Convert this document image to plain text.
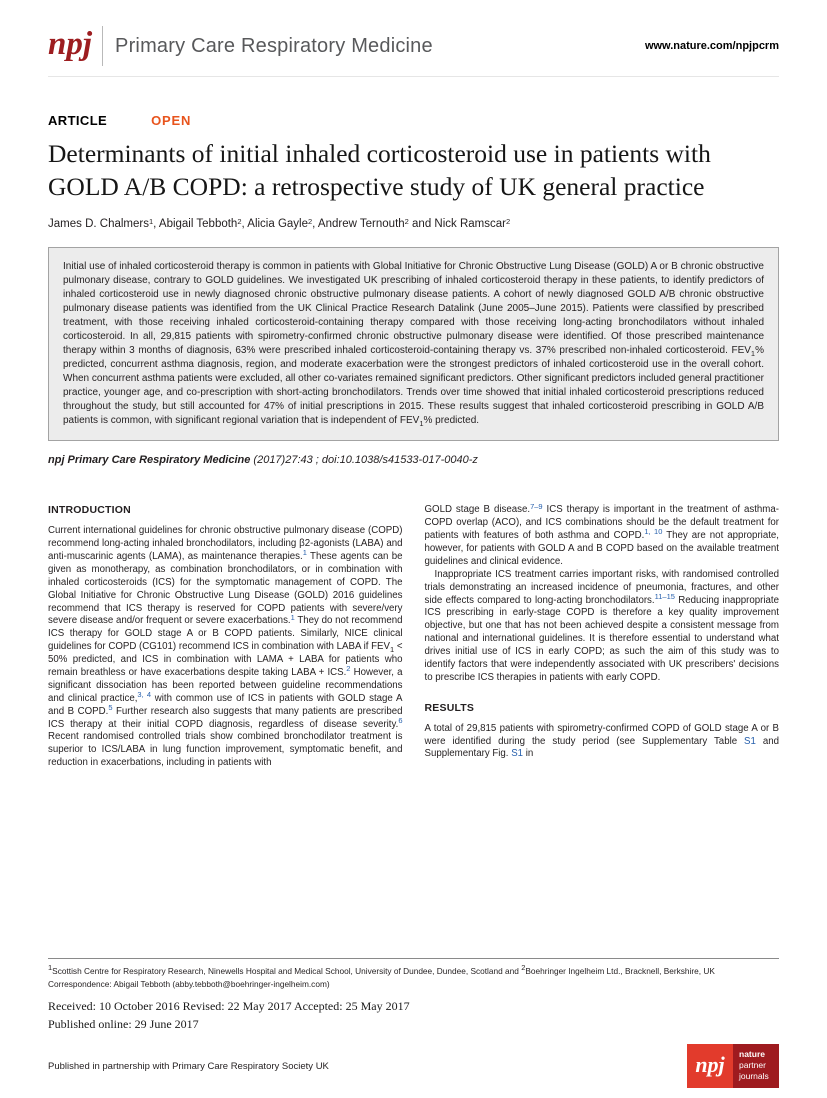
npj Primary Care Respiratory Medicine	www.nature.com/npjpcrm
ARTICLE	OPEN
Determinants of initial inhaled corticosteroid use in patients with GOLD A/B COPD: a retrospective study of UK general practice

James D. Chalmers$^1$, Abigail Tebboth$^2$, Alicia Gayle$^2$, Andrew Ternouth$^2$ and Nick Ramscar$^2$

Initial use of inhaled corticosteroid therapy is common in patients with Global Initiative for Chronic Obstructive Lung Disease (GOLD) A or B chronic obstructive pulmonary disease, contrary to GOLD guidelines. We investigated UK prescribing of inhaled corticosteroid therapy in these patients, to identify predictors of inhaled corticosteroid use in newly diagnosed chronic obstructive pulmonary disease patients. A cohort of newly diagnosed GOLD A/B chronic obstructive pulmonary disease patients was identified from the UK Clinical Practice Research Datalink (June 2005–June 2015). Patients were classified by prescribed treatment, with those receiving inhaled corticosteroid-containing therapy compared with those receiving long-acting bronchodilators without inhaled corticosteroid. In all, 29,815 patients with spirometry-confirmed chronic obstructive pulmonary disease were identified. Of those prescribed maintenance therapy within 3 months of diagnosis, 63% were prescribed inhaled corticosteroid-containing therapy vs. 37% prescribed non-inhaled corticosteroid. $FEV_1\%$ predicted, concurrent asthma diagnosis, region, and moderate exacerbation were the strongest predictors of inhaled corticosteroid use in the overall cohort. When concurrent asthma patients were excluded, all other co-variates remained significant predictors. Other significant predictors included general practitioner practice, younger age, and co-prescription with short-acting bronchodilators. Trends over time showed that initial inhaled corticosteroid prescriptions reduced throughout the study, but still accounted for 47% of initial prescriptions in 2015. These results suggest that inhaled corticosteroid prescribing in GOLD A/B patients is common, with significant regional variation that is independent of $FEV_1\%$ predicted.

npj Primary Care Respiratory Medicine (2017)27:43 ; doi:10.1038/s41533-017-0040-z

INTRODUCTION

Current international guidelines for chronic obstructive pulmonary disease (COPD) recommend long-acting inhaled bronchodilators, including β2-agonists (LABA) and anti-muscarinic agents (LAMA), as maintenance therapies.$^1$ These agents can be given as monotherapy, as combination bronchodilators, or in combination with inhaled corticosteroids (ICS) for the symptomatic management of COPD. The Global Initiative for Chronic Obstructive Lung Disease (GOLD) 2016 guidelines recommend that ICS therapy is reserved for COPD patients with severe/very severe disease and/or frequent or severe exacerbations.$^1$ They do not recommend ICS therapy for GOLD stage A or B COPD patients. Similarly, NICE clinical guidelines for COPD (CG101) recommend ICS in combination with LABA if $FEV_1 < 50\%$ predicted, and ICS in combination with LAMA + LABA for patients who remain breathless or have exacerbations despite taking LABA + ICS.$^2$ However, a significant dissociation has been reported between guideline recommendations and clinical practice,$^{3, 4}$ with common use of ICS in patients with GOLD stage A and B COPD.$^5$ Further research also suggests that many patients are prescribed ICS therapy at their initial COPD diagnosis, regardless of disease severity.$^6$ Recent randomised controlled trials show combined bronchodilator treatment is superior to ICS/LABA in lung function improvement, symptomatic benefit, and reduction in exacerbations, including in patients with

GOLD stage B disease.$^{7-9}$ ICS therapy is important in the treatment of asthma-COPD overlap (ACO), and ICS combinations should be the default treatment for patients with features of both asthma and COPD.$^{1, 10}$ They are not appropriate, however, for patients with GOLD A and B COPD based on the available treatment guidelines and clinical evidence.

Inappropriate ICS treatment carries important risks, with randomised controlled trials demonstrating an increased incidence of pneumonia, fractures, and other side effects compared to long-acting bronchodilators.$^{11-15}$ Reducing inappropriate ICS prescribing in early-stage COPD is therefore a key quality improvement objective, but one that has not been achieved despite a consistent message from national and international guidelines. It is therefore essential to understand what drives initial use of ICS in early COPD; as such the aim of this study was to identify factors that were independently associated with UK prescribers' decisions to prescribe ICS therapies in patients with early COPD.

RESULTS

A total of 29,815 patients with spirometry-confirmed COPD of GOLD stage A or B were identified during the study period (see Supplementary Table S1 and Supplementary Fig. S1 in

$^1$Scottish Centre for Respiratory Research, Ninewells Hospital and Medical School, University of Dundee, Dundee, Scotland and $^2$Boehringer Ingelheim Ltd., Bracknell, Berkshire, UK

Correspondence: Abigail Tebboth (abby.tebboth@boehringer-ingelheim.com)

Received: 10 October 2016 Revised: 22 May 2017 Accepted: 25 May 2017

Published online: 29 June 2017

Published in partnership with Primary Care Respiratory Society UK	npj nature
partner
journals
